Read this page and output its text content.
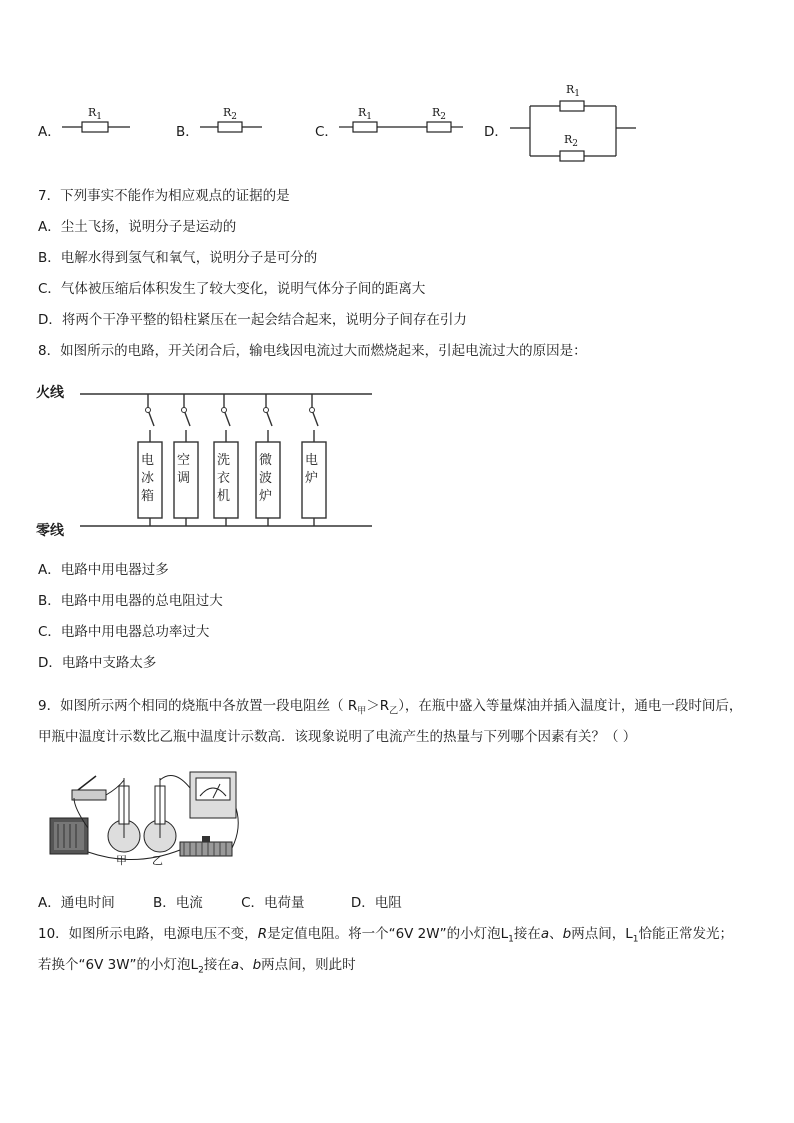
A．
$R_1$
B．
$R_2$
C．
$R_1$	$R_2$
D．
$R_1$
$R_2$
7．下列事实不能作为相应观点的证据的是
A．尘土飞扬，说明分子是运动的
B．电解水得到氢气和氧气，说明分子是可分的
C．气体被压缩后体积发生了较大变化，说明气体分子间的距离大
D．将两个干净平整的铅柱紧压在一起会结合起来，说明分子间存在引力
8．如图所示的电路，开关闭合后，输电线因电流过大而燃烧起来，引起电流过大的原因是：
火线
零线
电冰箱
空调
洗衣机
微波炉
电炉
A．电路中用电器过多
B．电路中用电器的总电阻过大
C．电路中用电器总功率过大
D．电路中支路太多
9．如图所示两个相同的烧瓶中各放置一段电阻丝（ $R_甲>R_乙$），在瓶中盛入等量煤油并插入温度计，通电一段时间后，
甲瓶中温度计示数比乙瓶中温度计示数高．该现象说明了电流产生的热量与下列哪个因素有关？（ ）
甲 乙
A．通电时间	B．电流	C．电荷量	D．电阻
10．如图所示电路，电源电压不变，R是定值电阻。将一个“6V 2W”的小灯泡$L_1$接在a、b两点间，$L_1$恰能正常发光；
若换个“6V 3W”的小灯泡$L_2$接在a、b两点间，则此时
